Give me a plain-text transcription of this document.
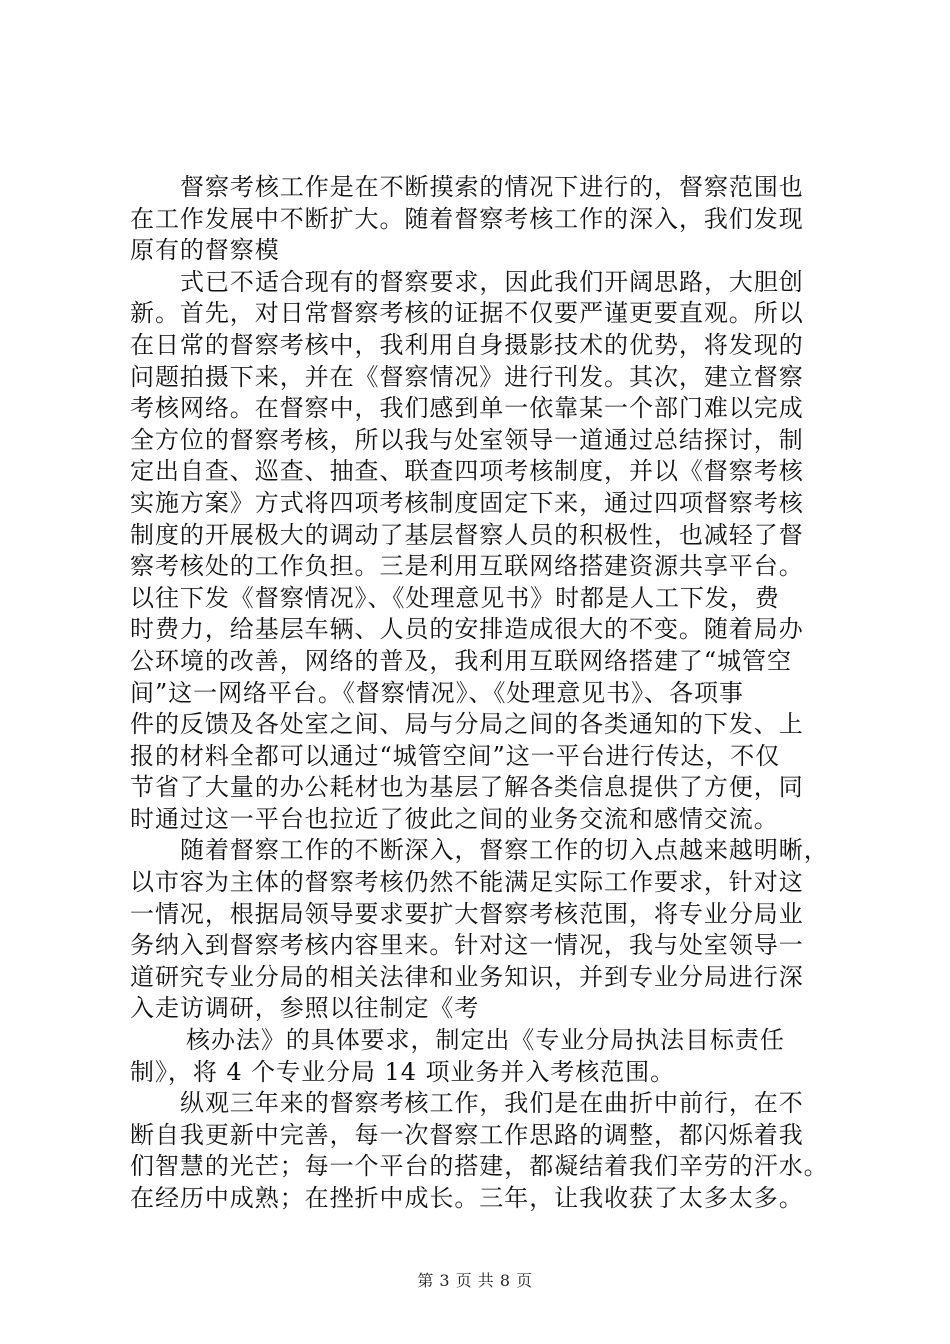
督察考核工作是在不断摸索的情况下进行的，督察范围也
在工作发展中不断扩大。随着督察考核工作的深入，我们发现
原有的督察模
式已不适合现有的督察要求，因此我们开阔思路，大胆创
新。首先，对日常督察考核的证据不仅要严谨更要直观。所以
在日常的督察考核中，我利用自身摄影技术的优势，将发现的
问题拍摄下来，并在《督察情况》进行刊发。其次，建立督察
考核网络。在督察中，我们感到单一依靠某一个部门难以完成
全方位的督察考核，所以我与处室领导一道通过总结探讨，制
定出自查、巡查、抽查、联查四项考核制度，并以《督察考核
实施方案》方式将四项考核制度固定下来，通过四项督察考核
制度的开展极大的调动了基层督察人员的积极性，也减轻了督
察考核处的工作负担。三是利用互联网络搭建资源共享平台。
以往下发《督察情况》、《处理意见书》时都是人工下发，费
时费力，给基层车辆、人员的安排造成很大的不变。随着局办
公环境的改善，网络的普及，我利用互联网络搭建了“城管空
间”这一网络平台。《督察情况》、《处理意见书》、各项事
件的反馈及各处室之间、局与分局之间的各类通知的下发、上
报的材料全都可以通过“城管空间”这一平台进行传达，不仅
节省了大量的办公耗材也为基层了解各类信息提供了方便，同
时通过这一平台也拉近了彼此之间的业务交流和感情交流。
随着督察工作的不断深入，督察工作的切入点越来越明晰，
以市容为主体的督察考核仍然不能满足实际工作要求，针对这
一情况，根据局领导要求要扩大督察考核范围，将专业分局业
务纳入到督察考核内容里来。针对这一情况，我与处室领导一
道研究专业分局的相关法律和业务知识，并到专业分局进行深
入走访调研，参照以往制定《考
核办法》的具体要求，制定出《专业分局执法目标责任
制》，将 4 个专业分局 14 项业务并入考核范围。
纵观三年来的督察考核工作，我们是在曲折中前行，在不
断自我更新中完善，每一次督察工作思路的调整，都闪烁着我
们智慧的光芒；每一个平台的搭建，都凝结着我们辛劳的汗水。
在经历中成熟；在挫折中成长。三年，让我收获了太多太多。
第 3 页 共 8 页
